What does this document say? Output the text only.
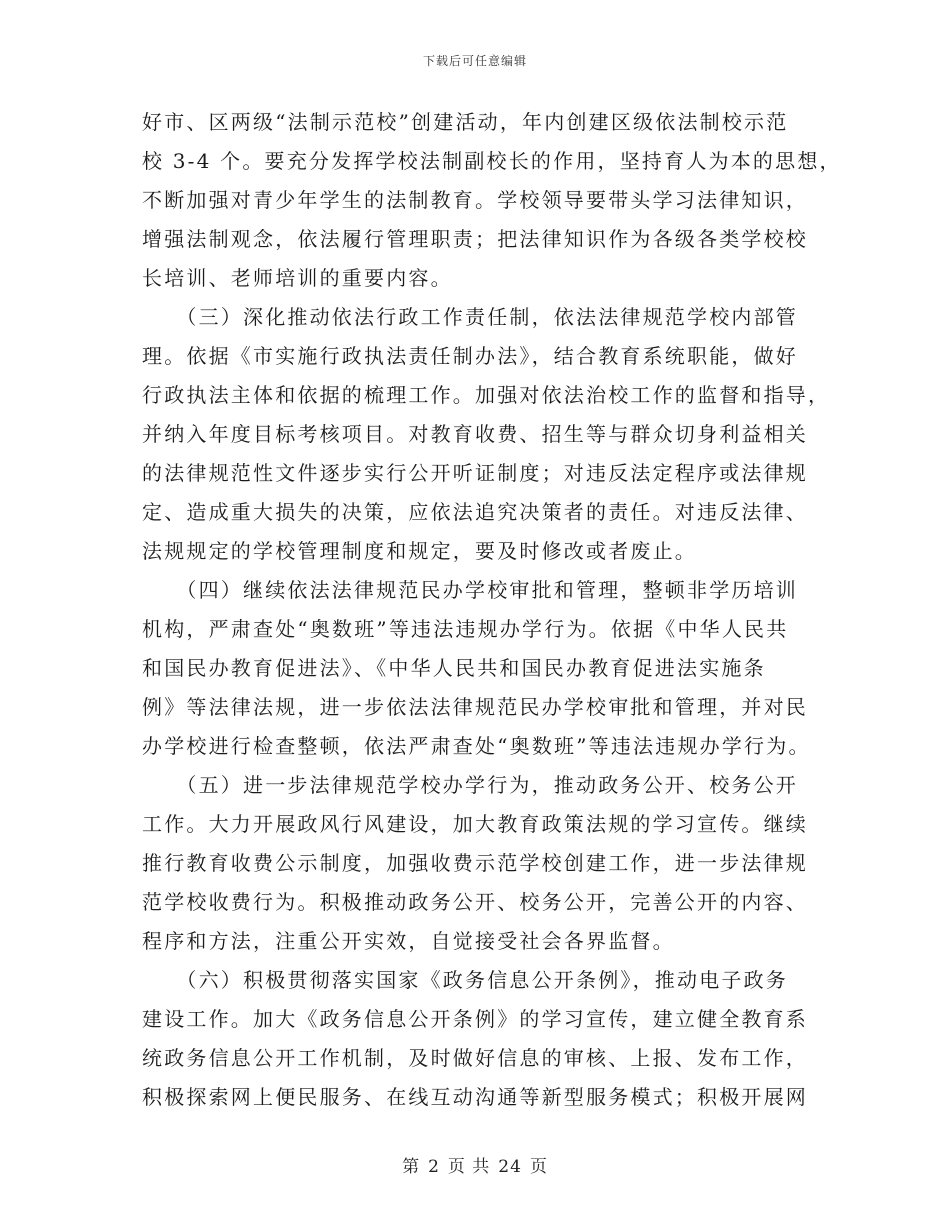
下载后可任意编辑
好市、区两级“法制示范校”创建活动，年内创建区级依法制校示范
校 3-4 个。要充分发挥学校法制副校长的作用，坚持育人为本的思想，
不断加强对青少年学生的法制教育。学校领导要带头学习法律知识，
增强法制观念，依法履行管理职责；把法律知识作为各级各类学校校
长培训、老师培训的重要内容。
　　（三）深化推动依法行政工作责任制，依法法律规范学校内部管
理。依据《市实施行政执法责任制办法》，结合教育系统职能，做好
行政执法主体和依据的梳理工作。加强对依法治校工作的监督和指导，
并纳入年度目标考核项目。对教育收费、招生等与群众切身利益相关
的法律规范性文件逐步实行公开听证制度；对违反法定程序或法律规
定、造成重大损失的决策，应依法追究决策者的责任。对违反法律、
法规规定的学校管理制度和规定，要及时修改或者废止。
　　（四）继续依法法律规范民办学校审批和管理，整顿非学历培训
机构，严肃查处“奥数班”等违法违规办学行为。依据《中华人民共
和国民办教育促进法》、《中华人民共和国民办教育促进法实施条
例》等法律法规，进一步依法法律规范民办学校审批和管理，并对民
办学校进行检查整顿，依法严肃查处“奥数班”等违法违规办学行为。
　　（五）进一步法律规范学校办学行为，推动政务公开、校务公开
工作。大力开展政风行风建设，加大教育政策法规的学习宣传。继续
推行教育收费公示制度，加强收费示范学校创建工作，进一步法律规
范学校收费行为。积极推动政务公开、校务公开，完善公开的内容、
程序和方法，注重公开实效，自觉接受社会各界监督。
　　（六）积极贯彻落实国家《政务信息公开条例》，推动电子政务
建设工作。加大《政务信息公开条例》的学习宣传，建立健全教育系
统政务信息公开工作机制，及时做好信息的审核、上报、发布工作，
积极探索网上便民服务、在线互动沟通等新型服务模式；积极开展网
第 2 页 共 24 页
